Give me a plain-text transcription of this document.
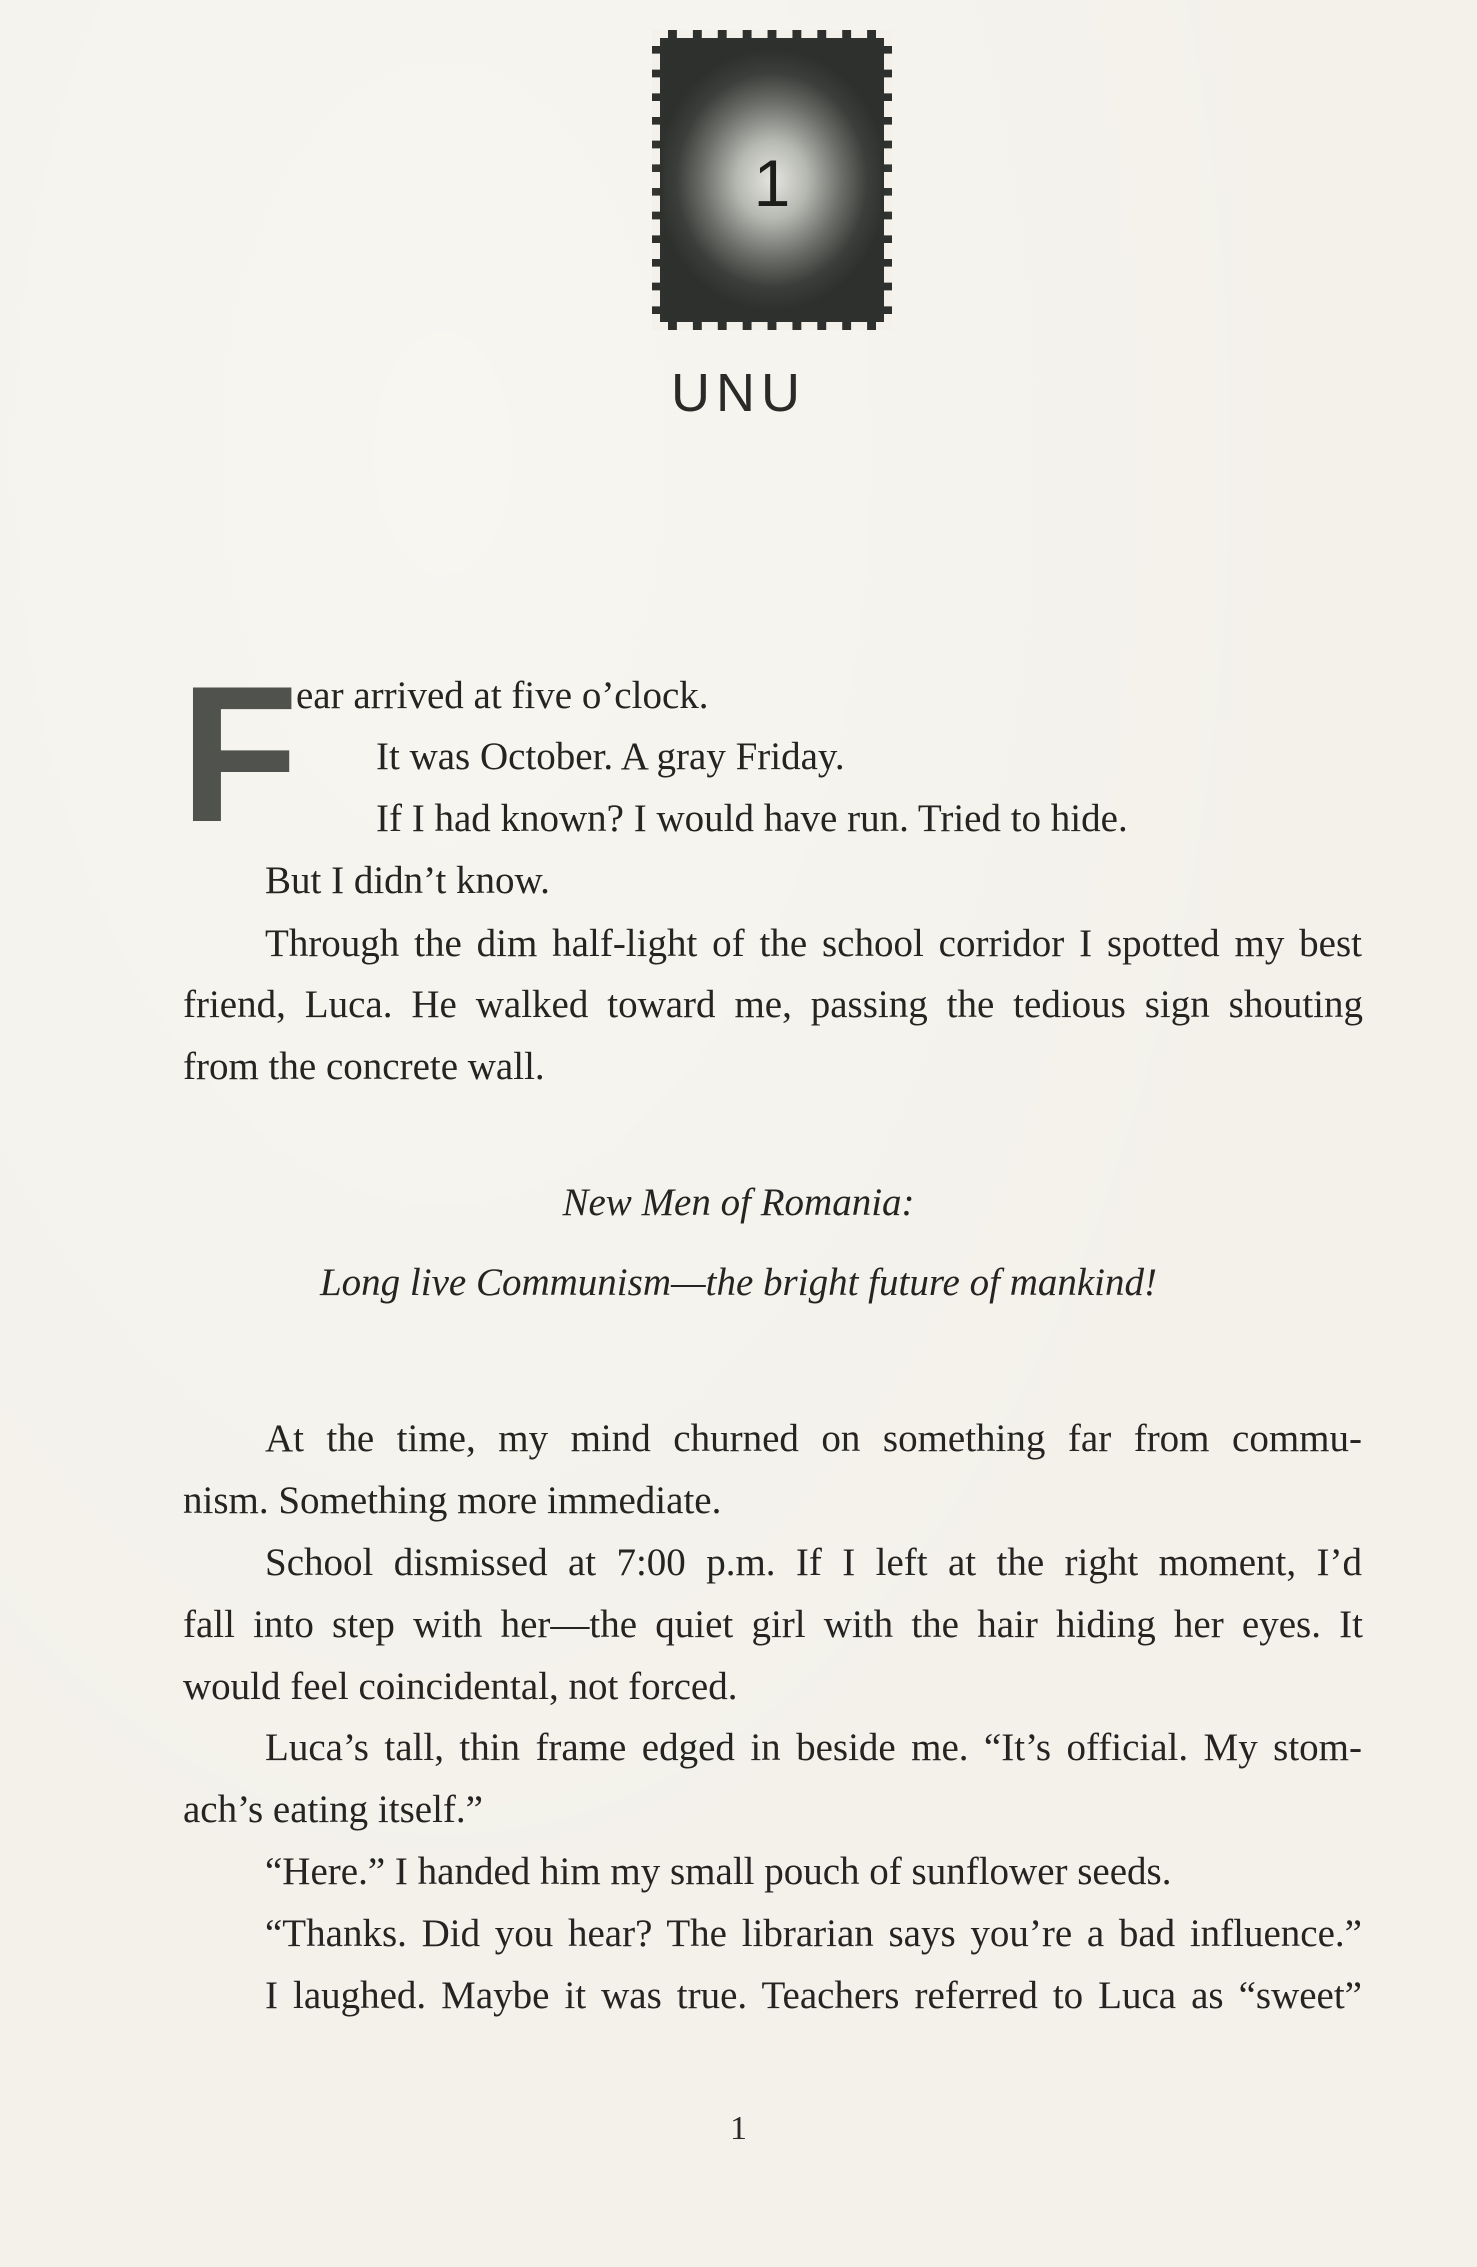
1
UNU
F
ear arrived at five o’clock.
It was October. A gray Friday.
If I had known? I would have run. Tried to hide.
But I didn’t know.
Through the dim half-light of the school corridor I spotted my best
friend, Luca. He walked toward me, passing the tedious sign shouting
from the concrete wall.
New Men of Romania:
Long live Communism—the bright future of mankind!
At the time, my mind churned on something far from commu-
nism. Something more immediate.
School dismissed at 7:00 p.m. If I left at the right moment, I’d
fall into step with her—the quiet girl with the hair hiding her eyes. It
would feel coincidental, not forced.
Luca’s tall, thin frame edged in beside me. “It’s official. My stom-
ach’s eating itself.”
“Here.” I handed him my small pouch of sunflower seeds.
“Thanks. Did you hear? The librarian says you’re a bad influence.”
I laughed. Maybe it was true. Teachers referred to Luca as “sweet”
1
